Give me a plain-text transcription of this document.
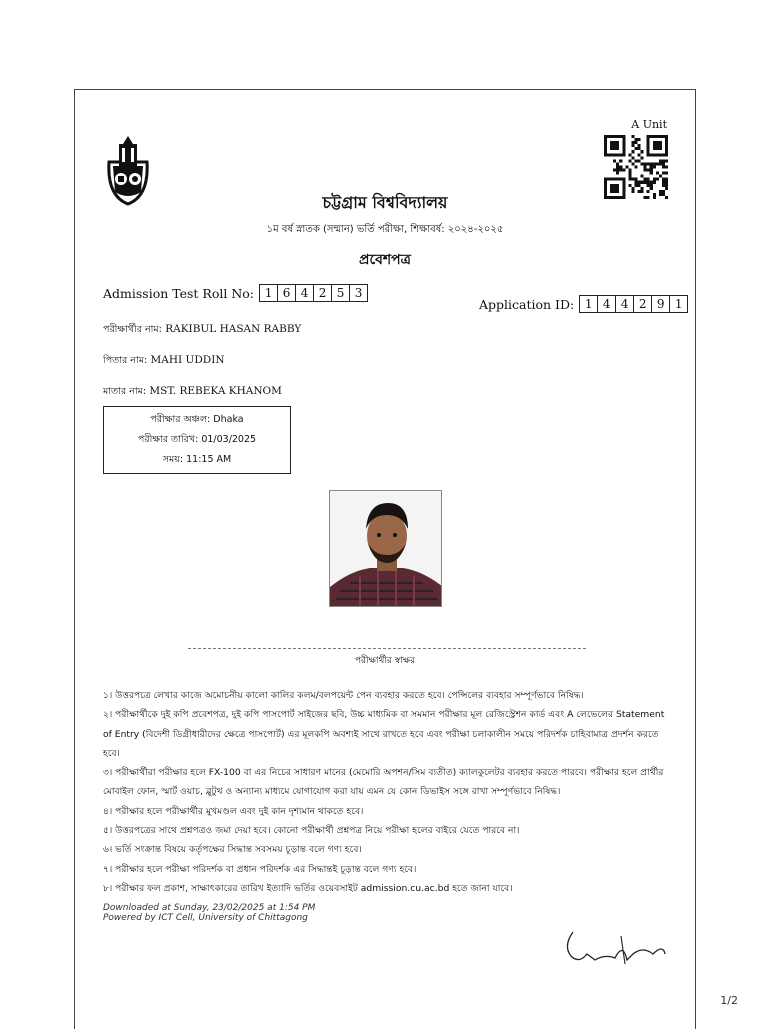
A Unit
চট্টগ্রাম বিশ্ববিদ্যালয়
১ম বর্ষ স্নাতক (সম্মান) ভর্তি পরীক্ষা, শিক্ষাবর্ষ: ২০২৪-২০২৫
প্রবেশপত্র
Admission Test Roll No: 1 6 4 2 5 3
Application ID: 1 4 4 2 9 1
পরীক্ষার্থীর নাম: RAKIBUL HASAN RABBY
পিতার নাম: MAHI UDDIN
মাতার নাম: MST. REBEKA KHANOM
পরীক্ষার অঞ্চল: Dhaka
পরীক্ষার তারিখ: 01/03/2025
সময়: 11:15 AM
পরীক্ষার্থীর স্বাক্ষর

১। উত্তরপত্রে লেখার কাজে অমোচনীয় কালো কালির কলম/বলপয়েন্ট পেন ব্যবহার করতে হবে। পেন্সিলের ব্যবহার সম্পূর্ণভাবে নিষিদ্ধ।

২। পরীক্ষার্থীকে দুই কপি প্রবেশপত্র, দুই কপি পাসপোর্ট সাইজের ছবি, উচ্চ মাধ্যমিক বা সমমান পরীক্ষার মূল রেজিস্ট্রেশন কার্ড এবং A লেভেলের Statement of Entry (বিদেশী ডিগ্রীধারীদের ক্ষেত্রে পাসপোর্ট) এর মূলকপি অবশ্যই সাথে রাখতে হবে এবং পরীক্ষা চলাকালীন সময়ে পরিদর্শক চাহিবামাত্র প্রদর্শন করতে হবে।

৩। পরীক্ষার্থীরা পরীক্ষার হলে FX-100 বা এর নিচের সাধারণ মানের (মেমোরি অপশন/সিম ব্যতীত) ক্যালকুলেটর ব্যবহার করতে পারবে। পরীক্ষার হলে প্রার্থীর মোবাইল ফোন, স্মার্ট ওয়াচ, ব্লুটুথ ও অন্যান্য মাধ্যমে যোগাযোগ করা যায় এমন যে কোন ডিভাইস সঙ্গে রাখা সম্পূর্ণভাবে নিষিদ্ধ।

৪। পরীক্ষার হলে পরীক্ষার্থীর মুখমণ্ডল এবং দুই কান দৃশ্যমান থাকতে হবে।

৫। উত্তরপত্রের সাথে প্রশ্নপত্রও জমা দেয়া হবে। কোনো পরীক্ষার্থী প্রশ্নপত্র নিয়ে পরীক্ষা হলের বাইরে যেতে পারবে না।

৬। ভর্তি সংক্রান্ত বিষয়ে কর্তৃপক্ষের সিদ্ধান্ত সবসময় চূড়ান্ত বলে গণ্য হবে।

৭। পরীক্ষার হলে পরীক্ষা পরিদর্শক বা প্রধান পরিদর্শক এর সিদ্ধান্তই চূড়ান্ত বলে গণ্য হবে।

৮। পরীক্ষার ফল প্রকাশ, সাক্ষাৎকারের তারিখ ইত্যাদি ভর্তির ওয়েবসাইট admission.cu.ac.bd হতে জানা যাবে।

Downloaded at Sunday, 23/02/2025 at 1:54 PM
Powered by ICT Cell, University of Chittagong
1/2
